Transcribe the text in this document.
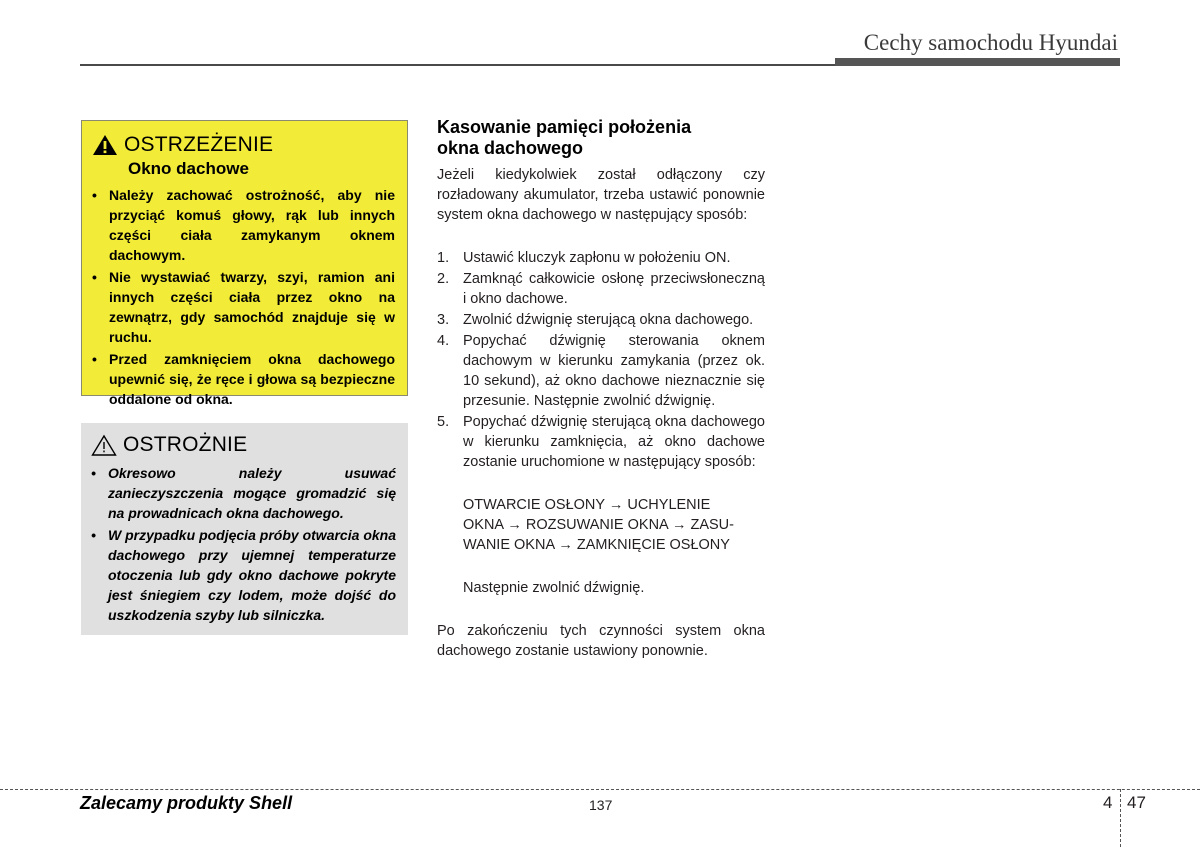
Cechy samochodu Hyundai
OSTRZEŻENIE
Okno dachowe
• Należy zachować ostrożność, aby nie przyciąć komuś głowy, rąk lub innych części ciała zamykanym oknem dachowym.
• Nie wystawiać twarzy, szyi, ramion ani innych części ciała przez okno na zewnątrz, gdy samochód znajduje się w ruchu.
• Przed zamknięciem okna dachowego upewnić się, że ręce i głowa są bezpieczne oddalone od okna.
OSTROŻNIE
• Okresowo należy usuwać zanieczyszczenia mogące gromadzić się na prowadnicach okna dachowego.
• W przypadku podjęcia próby otwarcia okna dachowego przy ujemnej temperaturze otoczenia lub gdy okno dachowe pokryte jest śniegiem czy lodem, może dojść do uszkodzenia szyby lub silniczka.
Kasowanie pamięci położenia
okna dachowego
Jeżeli kiedykolwiek został odłączony czy rozładowany akumulator, trzeba ustawić ponownie system okna dachowego w następujący sposób:
1. Ustawić kluczyk zapłonu w położeniu ON.
2. Zamknąć całkowicie osłonę przeciwsłoneczną i okno dachowe.
3. Zwolnić dźwignię sterującą okna dachowego.
4. Popychać dźwignię sterowania oknem dachowym w kierunku zamykania (przez ok. 10 sekund), aż okno dachowe nieznacznie się przesunie. Następnie zwolnić dźwignię.
5. Popychać dźwignię sterującą okna dachowego w kierunku zamknięcia, aż okno dachowe zostanie uruchomione w następujący sposób:
OTWARCIE OSŁONY → UCHYLENIE
OKNA → ROZSUWANIE OKNA → ZASU-
WANIE OKNA → ZAMKNIĘCIE OSŁONY
Następnie zwolnić dźwignię.
Po zakończeniu tych czynności system okna dachowego zostanie ustawiony ponownie.
Zalecamy produkty Shell	137	4 47
